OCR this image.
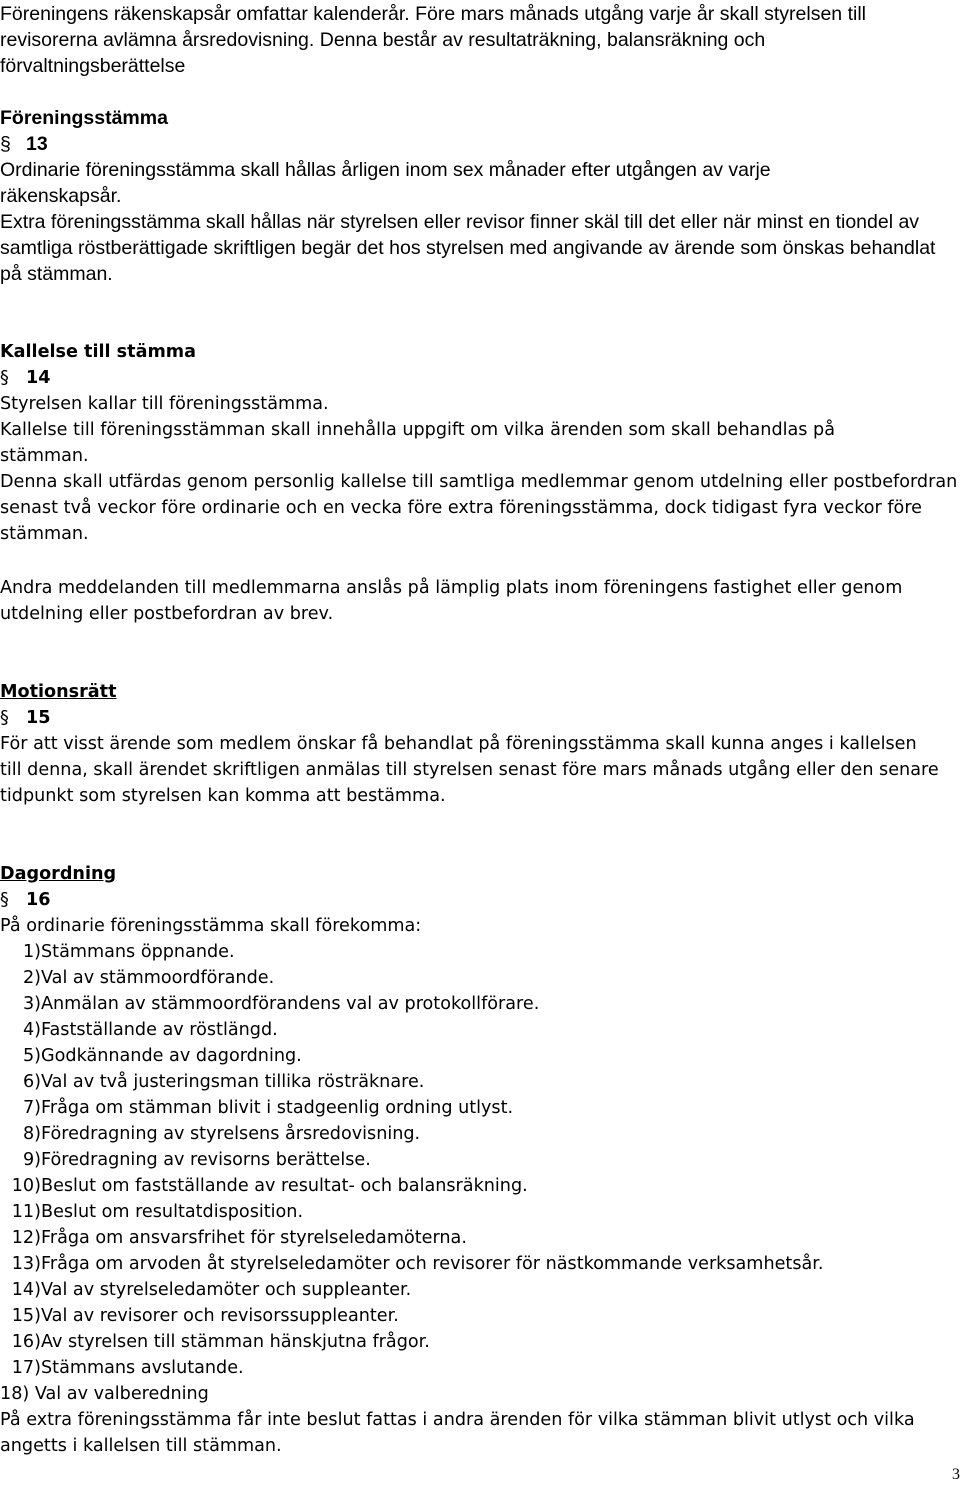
Föreningens räkenskapsår omfattar kalenderår. Före mars månads utgång varje år skall styrelsen till

revisorerna avlämna årsredovisning. Denna består av resultaträkning, balansräkning och

förvaltningsberättelse

Föreningsstämma

§ 13

Ordinarie föreningsstämma skall hållas årligen inom sex månader efter utgången av varje räkenskapsår.

Extra föreningsstämma skall hållas när styrelsen eller revisor finner skäl till det eller när minst en tiondel av samtliga röstberättigade skriftligen begär det hos styrelsen med angivande av ärende som önskas behandlat på stämman.

Kallelse till stämma

§ 14

Styrelsen kallar till föreningsstämma.

Kallelse till föreningsstämman skall innehålla uppgift om vilka ärenden som skall behandlas på stämman.

Denna skall utfärdas genom personlig kallelse till samtliga medlemmar genom utdelning eller postbefordran senast två veckor före ordinarie och en vecka före extra föreningsstämma, dock tidigast fyra veckor före stämman.

Andra meddelanden till medlemmarna anslås på lämplig plats inom föreningens fastighet eller genom utdelning eller postbefordran av brev.

Motionsrätt

§ 15

För att visst ärende som medlem önskar få behandlat på föreningsstämma skall kunna anges i kallelsen till denna, skall ärendet skriftligen anmälas till styrelsen senast före mars månads utgång eller den senare tidpunkt som styrelsen kan komma att bestämma.

Dagordning

§ 16

På ordinarie föreningsstämma skall förekomma:

1)Stämmans öppnande.
2)Val av stämmoordförande.
3)Anmälan av stämmoordförandens val av protokollförare.
4)Fastställande av röstlängd.
5)Godkännande av dagordning.
6)Val av två justeringsman tillika rösträknare.
7)Fråga om stämman blivit i stadgeenlig ordning utlyst.
8)Föredragning av styrelsens årsredovisning.
9)Föredragning av revisorns berättelse.
10)Beslut om fastställande av resultat- och balansräkning.
11)Beslut om resultatdisposition.
12)Fråga om ansvarsfrihet för styrelseledamöterna.
13)Fråga om arvoden åt styrelseledamöter och revisorer för nästkommande verksamhetsår.
14)Val av styrelseledamöter och suppleanter.
15)Val av revisorer och revisorssuppleanter.
16)Av styrelsen till stämman hänskjutna frågor.
17)Stämmans avslutande.
18) Val av valberedning

På extra föreningsstämma får inte beslut fattas i andra ärenden för vilka stämman blivit utlyst och vilka angetts i kallelsen till stämman.

3
